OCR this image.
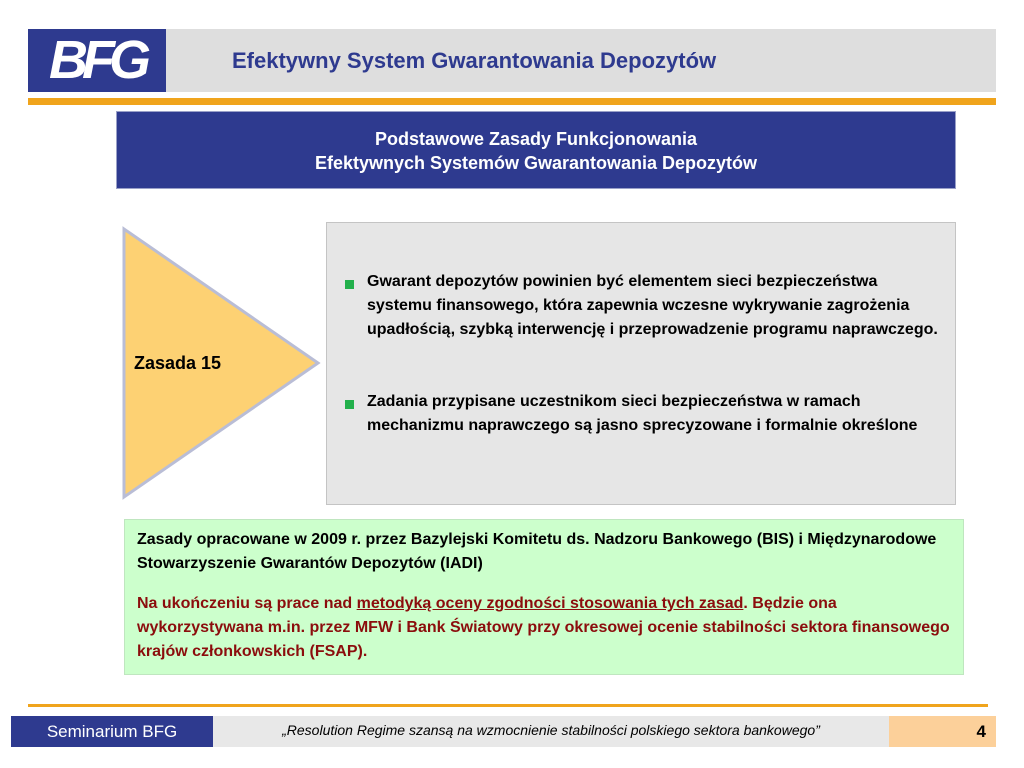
BFG	Efektywny System Gwarantowania Depozytów
Podstawowe Zasady Funkcjonowania
Efektywnych Systemów Gwarantowania Depozytów
Zasada 15
Gwarant depozytów powinien być elementem sieci bezpieczeństwa systemu finansowego, która zapewnia wczesne wykrywanie zagrożenia upadłością, szybką interwencję i przeprowadzenie programu naprawczego.
Zadania przypisane uczestnikom sieci bezpieczeństwa w ramach mechanizmu naprawczego są jasno sprecyzowane i formalnie określone
Zasady opracowane w 2009 r. przez Bazylejski Komitetu ds. Nadzoru Bankowego (BIS) i Międzynarodowe Stowarzyszenie Gwarantów Depozytów (IADI)
Na ukończeniu są prace nad metodyką oceny zgodności stosowania tych zasad. Będzie ona wykorzystywana m.in. przez MFW i Bank Światowy przy okresowej ocenie stabilności sektora finansowego krajów członkowskich (FSAP).
Seminarium BFG	„Resolution Regime szansą na wzmocnienie stabilności polskiego sektora bankowego”	4
